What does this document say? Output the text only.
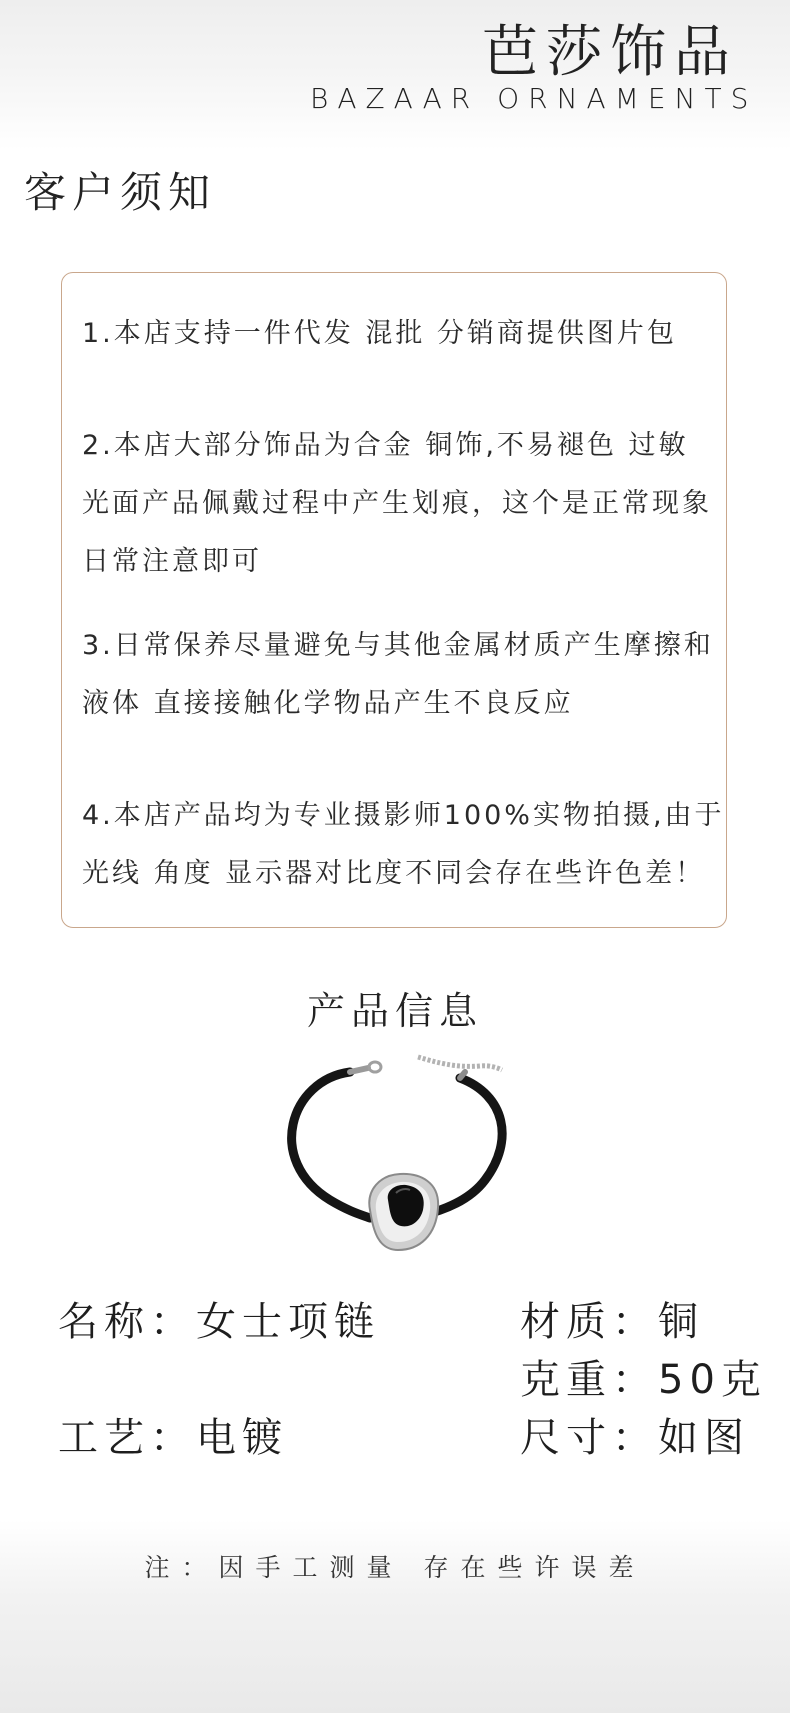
芭莎饰品
BAZAAR ORNAMENTS
客户须知
1.本店支持一件代发 混批 分销商提供图片包
2.本店大部分饰品为合金 铜饰,不易褪色 过敏
光面产品佩戴过程中产生划痕，这个是正常现象
日常注意即可
3.日常保养尽量避免与其他金属材质产生摩擦和
液体 直接接触化学物品产生不良反应
4.本店产品均为专业摄影师100%实物拍摄,由于
光线 角度 显示器对比度不同会存在些许色差！
产品信息
名称：女士项链	材质：铜
克重：50克
工艺：电镀	尺寸：如图
注：因手工测量 存在些许误差
